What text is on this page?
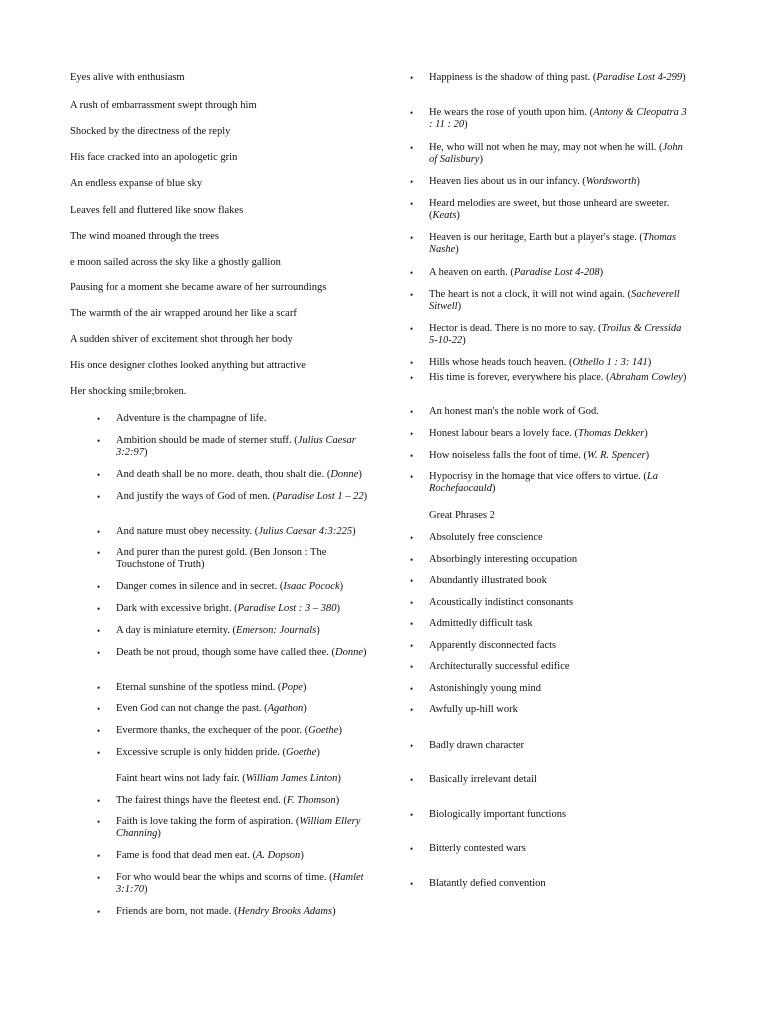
Eyes alive with enthusiasm
A rush of embarrassment swept through him
Shocked by the directness of the reply
His face cracked into an apologetic grin
An endless expanse of blue sky
Leaves fell and fluttered like snow flakes
The wind moaned through the trees
e moon sailed across the sky like a ghostly gallion
Pausing for a moment she became aware of her surroundings
The warmth of the air wrapped around her like a scarf
A sudden shiver of excitement shot through her body
His once designer clothes looked anything but attractive
Her shocking smile;broken.
• Adventure is the champagne of life.
• Ambition should be made of sterner stuff. (Julius Caesar 3:2:97)
• And death shall be no more. death, thou shalt die. (Donne)
• And justify the ways of God of men. (Paradise Lost 1 – 22)
• And nature must obey necessity. (Julius Caesar 4:3:225)
• And purer than the purest gold. (Ben Jonson : The Touchstone of Truth)
• Danger comes in silence and in secret. (Isaac Pocock)
• Dark with excessive bright. (Paradise Lost : 3 – 380)
• A day is miniature eternity. (Emerson: Journals)
• Death be not proud, though some have called thee. (Donne)
• Eternal sunshine of the spotless mind. (Pope)
• Even God can not change the past. (Agathon)
• Evermore thanks, the exchequer of the poor. (Goethe)
• Excessive scruple is only hidden pride. (Goethe)
Faint heart wins not lady fair. (William James Linton)
• The fairest things have the fleetest end. (F. Thomson)
• Faith is love taking the form of aspiration. (William Ellery Channing)
• Fame is food that dead men eat. (A. Dopson)
• For who would bear the whips and scorns of time. (Hamlet 3:1:70)
• Friends are born, not made. (Hendry Brooks Adams)
• Happiness is the shadow of thing past. (Paradise Lost 4-299)
• He wears the rose of youth upon him. (Antony & Cleopatra 3 : 11 : 20)
• He, who will not when he may, may not when he will. (John of Salisbury)
• Heaven lies about us in our infancy. (Wordsworth)
• Heard melodies are sweet, but those unheard are sweeter. (Keats)
• Heaven is our heritage, Earth but a player's stage. (Thomas Nashe)
• A heaven on earth. (Paradise Lost 4-208)
• The heart is not a clock, it will not wind again. (Sacheverell Sitwell)
• Hector is dead. There is no more to say. (Troilus & Cressida 5-10-22)
• Hills whose heads touch heaven. (Othello 1 : 3: 141)
• His time is forever, everywhere his place. (Abraham Cowley)
• An honest man's the noble work of God.
• Honest labour bears a lovely face. (Thomas Dekker)
• How noiseless falls the foot of time. (W. R. Spencer)
• Hypocrisy in the homage that vice offers to virtue. (La Rochefaocauld)
Great Phrases 2
• Absolutely free conscience
• Absorbingly interesting occupation
• Abundantly illustrated book
• Acoustically indistinct consonants
• Admittedly difficult task
• Apparently disconnected facts
• Architecturally successful edifice
• Astonishingly young mind
• Awfully up-hill work
• Badly drawn character
• Basically irrelevant detail
• Biologically important functions
• Bitterly contested wars
• Blatantly defied convention
